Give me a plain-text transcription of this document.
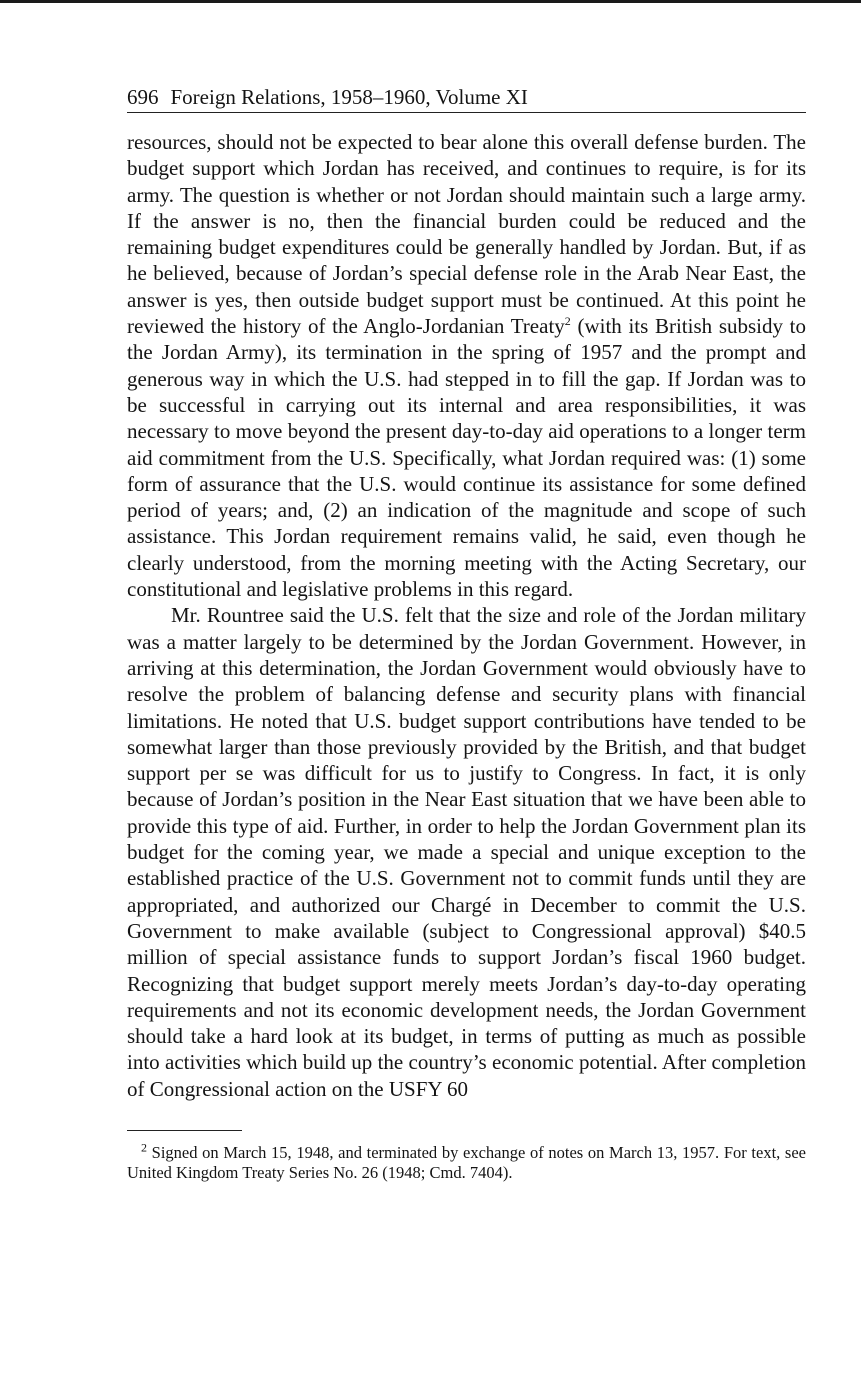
696 Foreign Relations, 1958–1960, Volume XI

resources, should not be expected to bear alone this overall defense burden. The budget support which Jordan has received, and continues to require, is for its army. The question is whether or not Jordan should maintain such a large army. If the answer is no, then the financial burden could be reduced and the remaining budget expenditures could be generally handled by Jordan. But, if as he believed, because of Jordan’s special defense role in the Arab Near East, the answer is yes, then outside budget support must be continued. At this point he reviewed the history of the Anglo-Jordanian Treaty$^2$ (with its British subsidy to the Jordan Army), its termination in the spring of 1957 and the prompt and generous way in which the U.S. had stepped in to fill the gap. If Jordan was to be successful in carrying out its internal and area responsibilities, it was necessary to move beyond the present day-to-day aid operations to a longer term aid commitment from the U.S. Specifically, what Jordan required was: (1) some form of assurance that the U.S. would continue its assistance for some defined period of years; and, (2) an indication of the magnitude and scope of such assistance. This Jordan requirement remains valid, he said, even though he clearly understood, from the morning meeting with the Acting Secretary, our constitutional and legislative problems in this regard.

Mr. Rountree said the U.S. felt that the size and role of the Jordan military was a matter largely to be determined by the Jordan Government. However, in arriving at this determination, the Jordan Government would obviously have to resolve the problem of balancing defense and security plans with financial limitations. He noted that U.S. budget support contributions have tended to be somewhat larger than those previously provided by the British, and that budget support per se was difficult for us to justify to Congress. In fact, it is only because of Jordan’s position in the Near East situation that we have been able to provide this type of aid. Further, in order to help the Jordan Government plan its budget for the coming year, we made a special and unique exception to the established practice of the U.S. Government not to commit funds until they are appropriated, and authorized our Chargé in December to commit the U.S. Government to make available (subject to Congressional approval) $40.5 million of special assistance funds to support Jordan’s fiscal 1960 budget. Recognizing that budget support merely meets Jordan’s day-to-day operating requirements and not its economic development needs, the Jordan Government should take a hard look at its budget, in terms of putting as much as possible into activities which build up the country’s economic potential. After completion of Congressional action on the USFY 60

$^2$ Signed on March 15, 1948, and terminated by exchange of notes on March 13, 1957. For text, see United Kingdom Treaty Series No. 26 (1948; Cmd. 7404).
